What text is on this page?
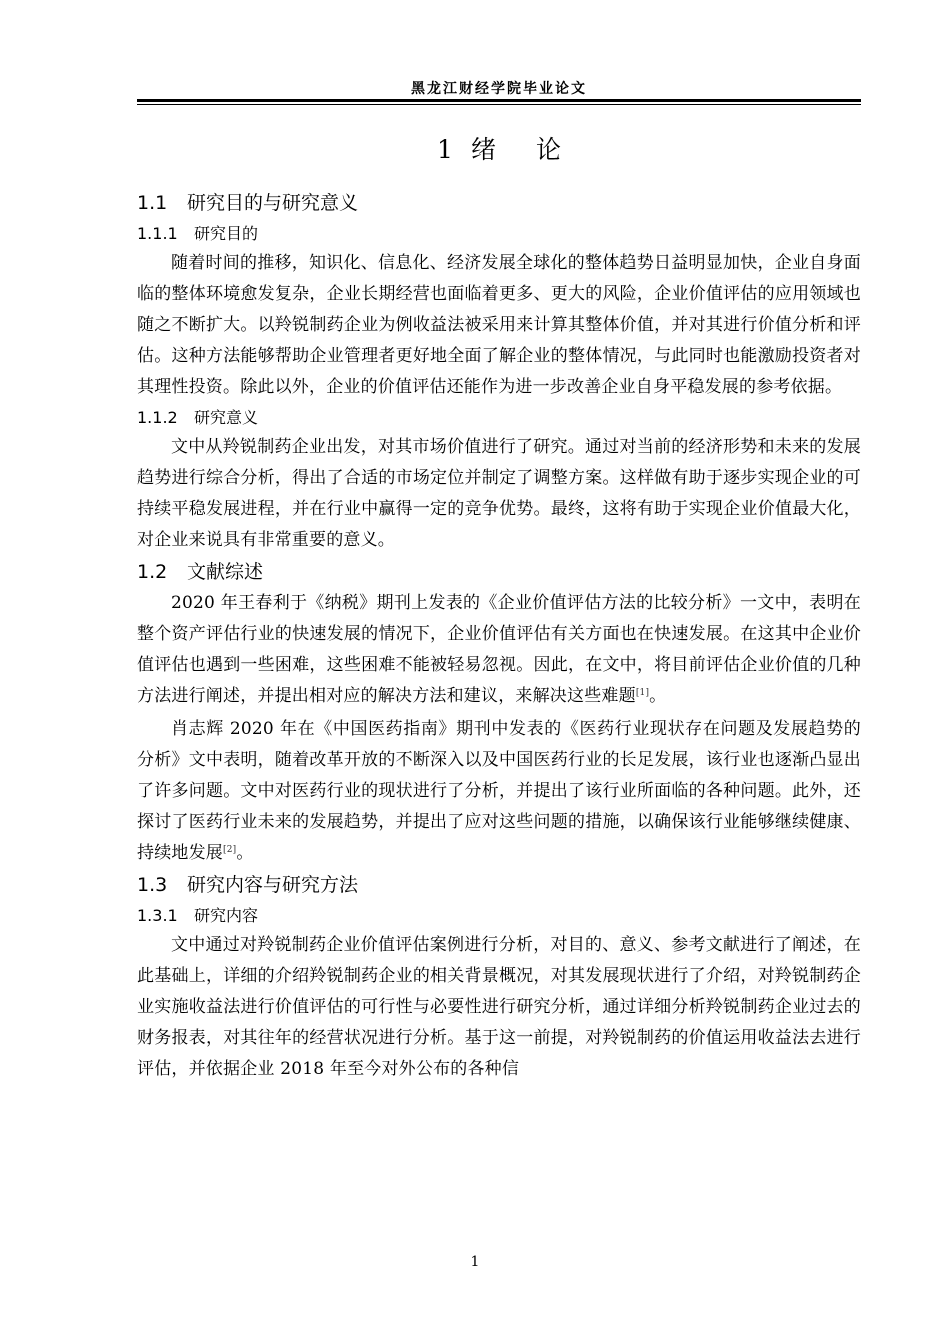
黑龙江财经学院毕业论文
1 绪 论
1.1 研究目的与研究意义
1.1.1 研究目的

随着时间的推移，知识化、信息化、经济发展全球化的整体趋势日益明显加快，企业自身面临的整体环境愈发复杂，企业长期经营也面临着更多、更大的风险，企业价值评估的应用领域也随之不断扩大。以羚锐制药企业为例收益法被采用来计算其整体价值，并对其进行价值分析和评估。这种方法能够帮助企业管理者更好地全面了解企业的整体情况，与此同时也能激励投资者对其理性投资。除此以外，企业的价值评估还能作为进一步改善企业自身平稳发展的参考依据。

1.1.2 研究意义

文中从羚锐制药企业出发，对其市场价值进行了研究。通过对当前的经济形势和未来的发展趋势进行综合分析，得出了合适的市场定位并制定了调整方案。这样做有助于逐步实现企业的可持续平稳发展进程，并在行业中赢得一定的竞争优势。最终，这将有助于实现企业价值最大化，对企业来说具有非常重要的意义。

1.2 文献综述

2020 年王春利于《纳税》期刊上发表的《企业价值评估方法的比较分析》一文中，表明在整个资产评估行业的快速发展的情况下，企业价值评估有关方面也在快速发展。在这其中企业价值评估也遇到一些困难，这些困难不能被轻易忽视。因此，在文中，将目前评估企业价值的几种方法进行阐述，并提出相对应的解决方法和建议，来解决这些难题[1]。

肖志辉 2020 年在《中国医药指南》期刊中发表的《医药行业现状存在问题及发展趋势的分析》文中表明，随着改革开放的不断深入以及中国医药行业的长足发展，该行业也逐渐凸显出了许多问题。文中对医药行业的现状进行了分析，并提出了该行业所面临的各种问题。此外，还探讨了医药行业未来的发展趋势，并提出了应对这些问题的措施，以确保该行业能够继续健康、持续地发展[2]。

1.3 研究内容与研究方法
1.3.1 研究内容

文中通过对羚锐制药企业价值评估案例进行分析，对目的、意义、参考文献进行了阐述，在此基础上，详细的介绍羚锐制药企业的相关背景概况，对其发展现状进行了介绍，对羚锐制药企业实施收益法进行价值评估的可行性与必要性进行研究分析，通过详细分析羚锐制药企业过去的财务报表，对其往年的经营状况进行分析。基于这一前提，对羚锐制药的价值运用收益法去进行评估，并依据企业 2018 年至今对外公布的各种信

1
